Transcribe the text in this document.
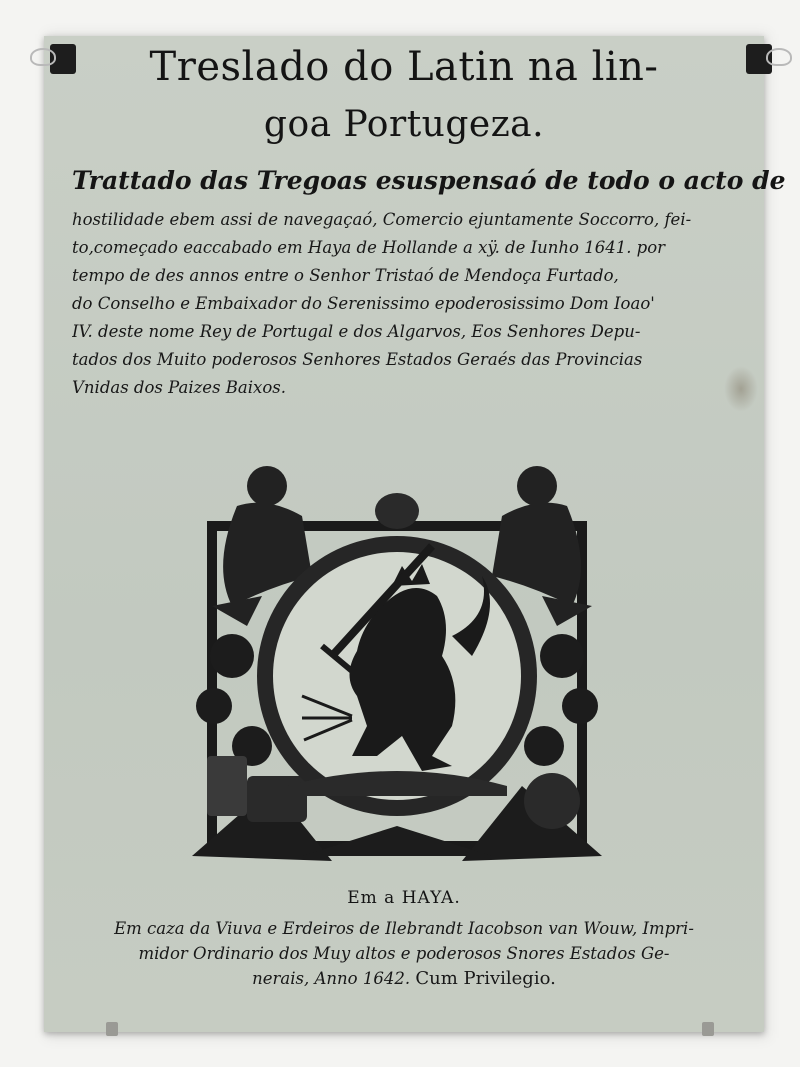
Treslado do Latin na lin-
goa Portugeza.
Trattado das Tregoas esuspensaó de todo o acto de
hostilidade ebem assi de navegaçaó, Comercio ejuntamente Soccorro, fei-
to,começado eaccabado em Haya de Hollande a xÿ. de Iunho 1641. por
tempo de des annos entre o Senhor Tristaó de Mendoça Furtado,
do Conselho e Embaixador do Serenissimo epoderosissimo Dom Ioao'
IV. deste nome Rey de Portugal e dos Algarvos, Eos Senhores Depu-
tados dos Muito poderosos Senhores Estados Geraés das Provincias
Vnidas dos Paizes Baixos.
Em a HAYA.
Em caza da Viuva e Erdeiros de Ilebrandt Iacobson van Wouw, Impri-
midor Ordinario dos Muy altos e poderosos Snores Estados Ge-
nerais, Anno 1642. Cum Privilegio.
